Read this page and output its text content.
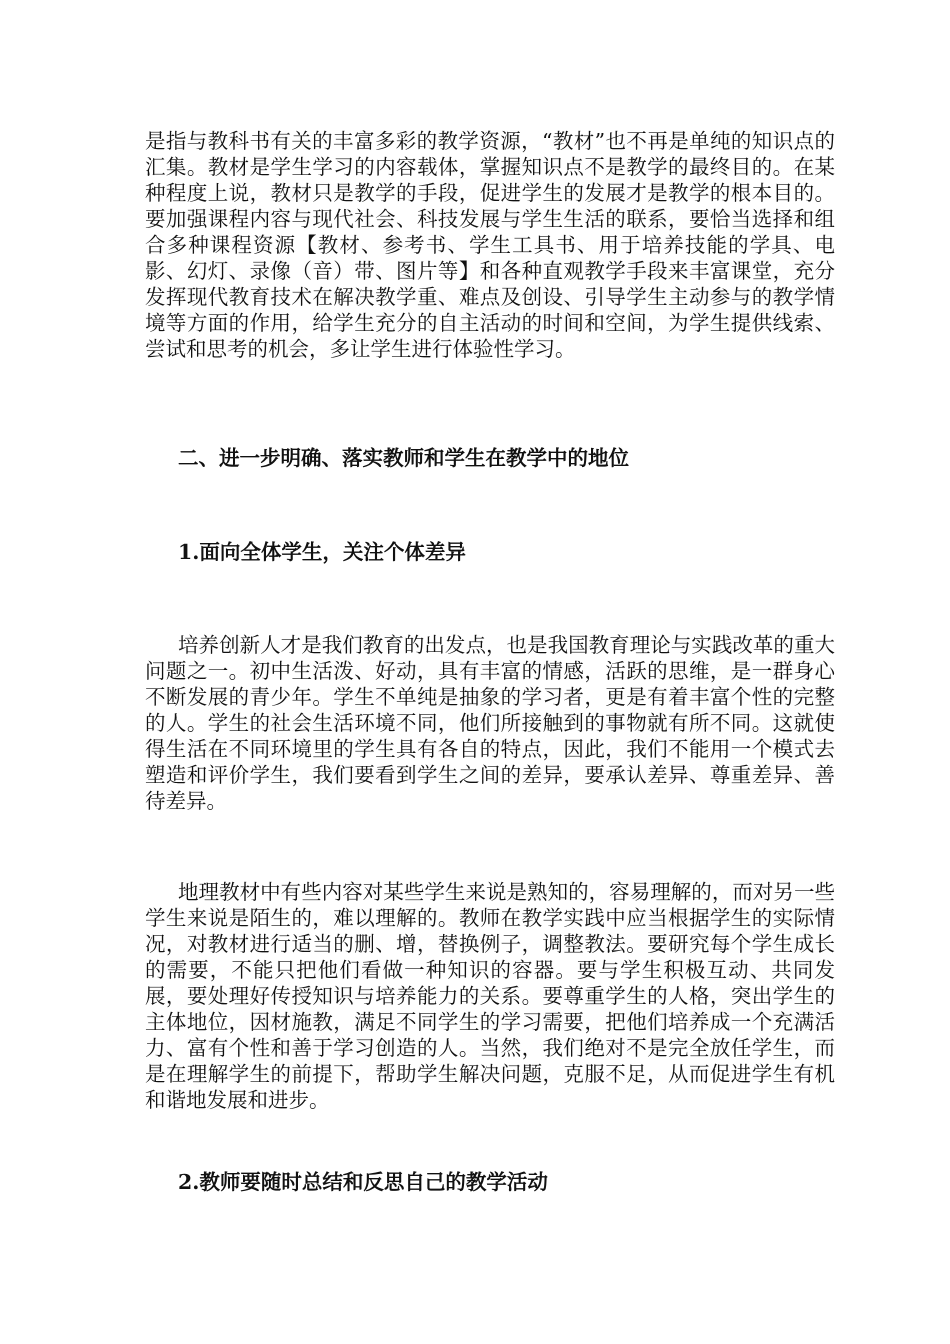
是指与教科书有关的丰富多彩的教学资源，“教材”也不再是单纯的知识点的汇集。教材是学生学习的内容载体，掌握知识点不是教学的最终目的。在某种程度上说，教材只是教学的手段，促进学生的发展才是教学的根本目的。要加强课程内容与现代社会、科技发展与学生生活的联系，要恰当选择和组合多种课程资源【教材、参考书、学生工具书、用于培养技能的学具、电影、幻灯、录像（音）带、图片等】和各种直观教学手段来丰富课堂，充分发挥现代教育技术在解决教学重、难点及创设、引导学生主动参与的教学情境等方面的作用，给学生充分的自主活动的时间和空间，为学生提供线索、尝试和思考的机会，多让学生进行体验性学习。

二、进一步明确、落实教师和学生在教学中的地位

1.面向全体学生，关注个体差异

培养创新人才是我们教育的出发点，也是我国教育理论与实践改革的重大问题之一。初中生活泼、好动，具有丰富的情感，活跃的思维，是一群身心不断发展的青少年。学生不单纯是抽象的学习者，更是有着丰富个性的完整的人。学生的社会生活环境不同，他们所接触到的事物就有所不同。这就使得生活在不同环境里的学生具有各自的特点，因此，我们不能用一个模式去塑造和评价学生，我们要看到学生之间的差异，要承认差异、尊重差异、善待差异。

地理教材中有些内容对某些学生来说是熟知的，容易理解的，而对另一些学生来说是陌生的，难以理解的。教师在教学实践中应当根据学生的实际情况，对教材进行适当的删、增，替换例子，调整教法。要研究每个学生成长的需要，不能只把他们看做一种知识的容器。要与学生积极互动、共同发展，要处理好传授知识与培养能力的关系。要尊重学生的人格，突出学生的主体地位，因材施教，满足不同学生的学习需要，把他们培养成一个充满活力、富有个性和善于学习创造的人。当然，我们绝对不是完全放任学生，而是在理解学生的前提下，帮助学生解决问题，克服不足，从而促进学生有机和谐地发展和进步。

2.教师要随时总结和反思自己的教学活动
